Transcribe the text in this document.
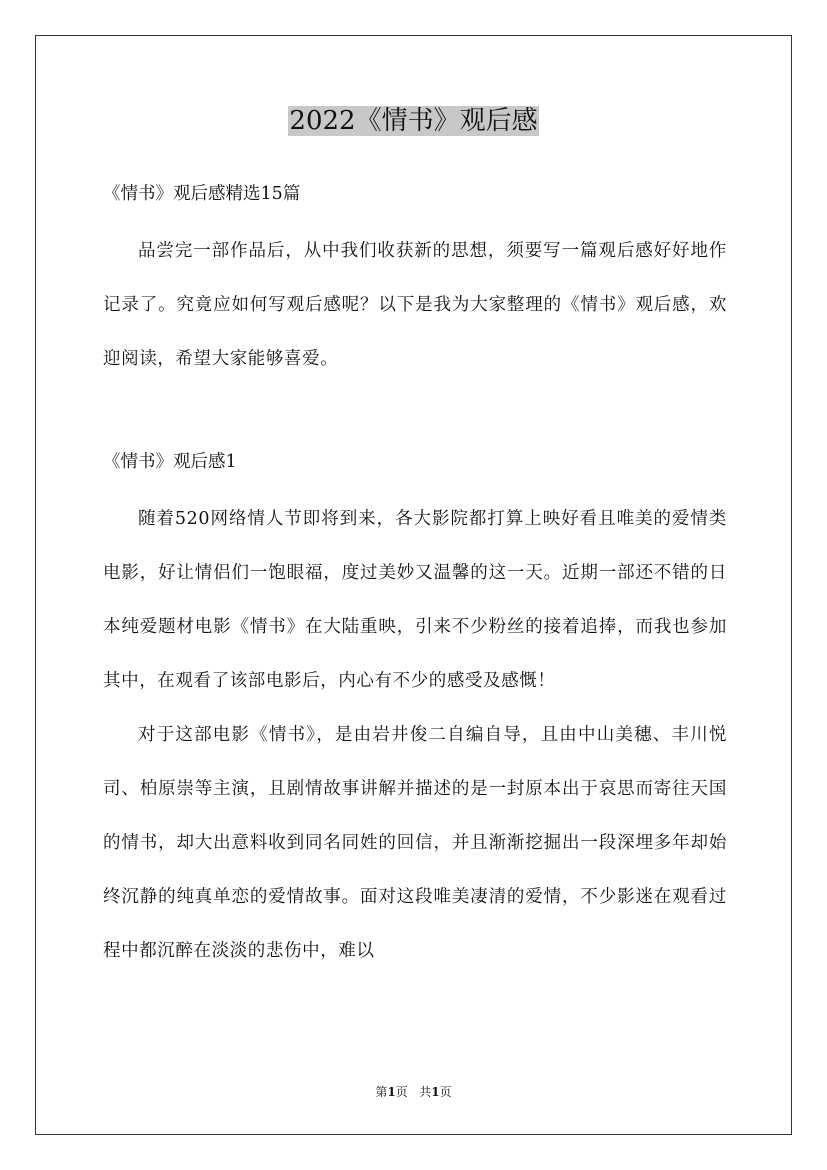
2022《情书》观后感

《情书》观后感精选15篇

品尝完一部作品后，从中我们收获新的思想，须要写一篇观后感好好地作记录了。究竟应如何写观后感呢？以下是我为大家整理的《情书》观后感，欢迎阅读，希望大家能够喜爱。

《情书》观后感1

随着520网络情人节即将到来，各大影院都打算上映好看且唯美的爱情类电影，好让情侣们一饱眼福，度过美妙又温馨的这一天。近期一部还不错的日本纯爱题材电影《情书》在大陆重映，引来不少粉丝的接着追捧，而我也参加其中，在观看了该部电影后，内心有不少的感受及感慨！

对于这部电影《情书》，是由岩井俊二自编自导，且由中山美穗、丰川悦司、柏原崇等主演，且剧情故事讲解并描述的是一封原本出于哀思而寄往天国的情书，却大出意料收到同名同姓的回信，并且渐渐挖掘出一段深埋多年却始终沉静的纯真单恋的爱情故事。面对这段唯美凄清的爱情，不少影迷在观看过程中都沉醉在淡淡的悲伤中，难以

第1页 共1页
